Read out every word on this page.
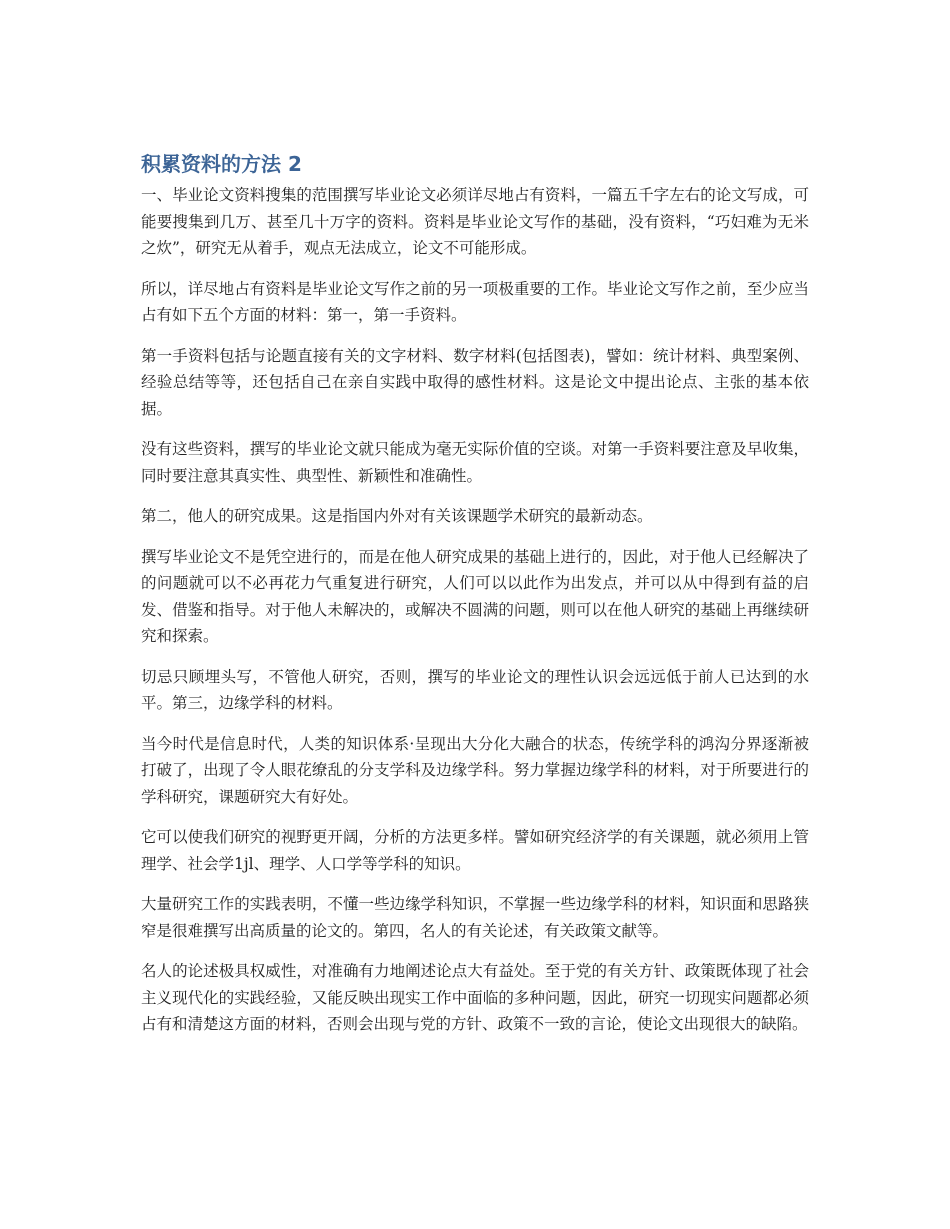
积累资料的方法 2

一、毕业论文资料搜集的范围撰写毕业论文必须详尽地占有资料，一篇五千字左右的论文写成，可能要搜集到几万、甚至几十万字的资料。资料是毕业论文写作的基础，没有资料，“巧妇难为无米之炊”，研究无从着手，观点无法成立，论文不可能形成。

所以，详尽地占有资料是毕业论文写作之前的另一项极重要的工作。毕业论文写作之前，至少应当占有如下五个方面的材料：第一，第一手资料。

第一手资料包括与论题直接有关的文字材料、数字材料(包括图表)，譬如：统计材料、典型案例、经验总结等等，还包括自己在亲自实践中取得的感性材料。这是论文中提出论点、主张的基本依据。

没有这些资料，撰写的毕业论文就只能成为毫无实际价值的空谈。对第一手资料要注意及早收集，同时要注意其真实性、典型性、新颖性和准确性。

第二，他人的研究成果。这是指国内外对有关该课题学术研究的最新动态。

撰写毕业论文不是凭空进行的，而是在他人研究成果的基础上进行的，因此，对于他人已经解决了的问题就可以不必再花力气重复进行研究，人们可以以此作为出发点，并可以从中得到有益的启发、借鉴和指导。对于他人未解决的，或解决不圆满的问题，则可以在他人研究的基础上再继续研究和探索。

切忌只顾埋头写，不管他人研究，否则，撰写的毕业论文的理性认识会远远低于前人已达到的水平。第三，边缘学科的材料。

当今时代是信息时代，人类的知识体系·呈现出大分化大融合的状态，传统学科的鸿沟分界逐渐被打破了，出现了令人眼花缭乱的分支学科及边缘学科。努力掌握边缘学科的材料，对于所要进行的学科研究，课题研究大有好处。

它可以使我们研究的视野更开阔，分析的方法更多样。譬如研究经济学的有关课题，就必须用上管理学、社会学1jl、理学、人口学等学科的知识。

大量研究工作的实践表明，不懂一些边缘学科知识，不掌握一些边缘学科的材料，知识面和思路狭窄是很难撰写出高质量的论文的。第四，名人的有关论述，有关政策文献等。

名人的论述极具权威性，对准确有力地阐述论点大有益处。至于党的有关方针、政策既体现了社会主义现代化的实践经验，又能反映出现实工作中面临的多种问题，因此，研究一切现实问题都必须占有和清楚这方面的材料，否则会出现与党的方针、政策不一致的言论，使论文出现很大的缺陷。
